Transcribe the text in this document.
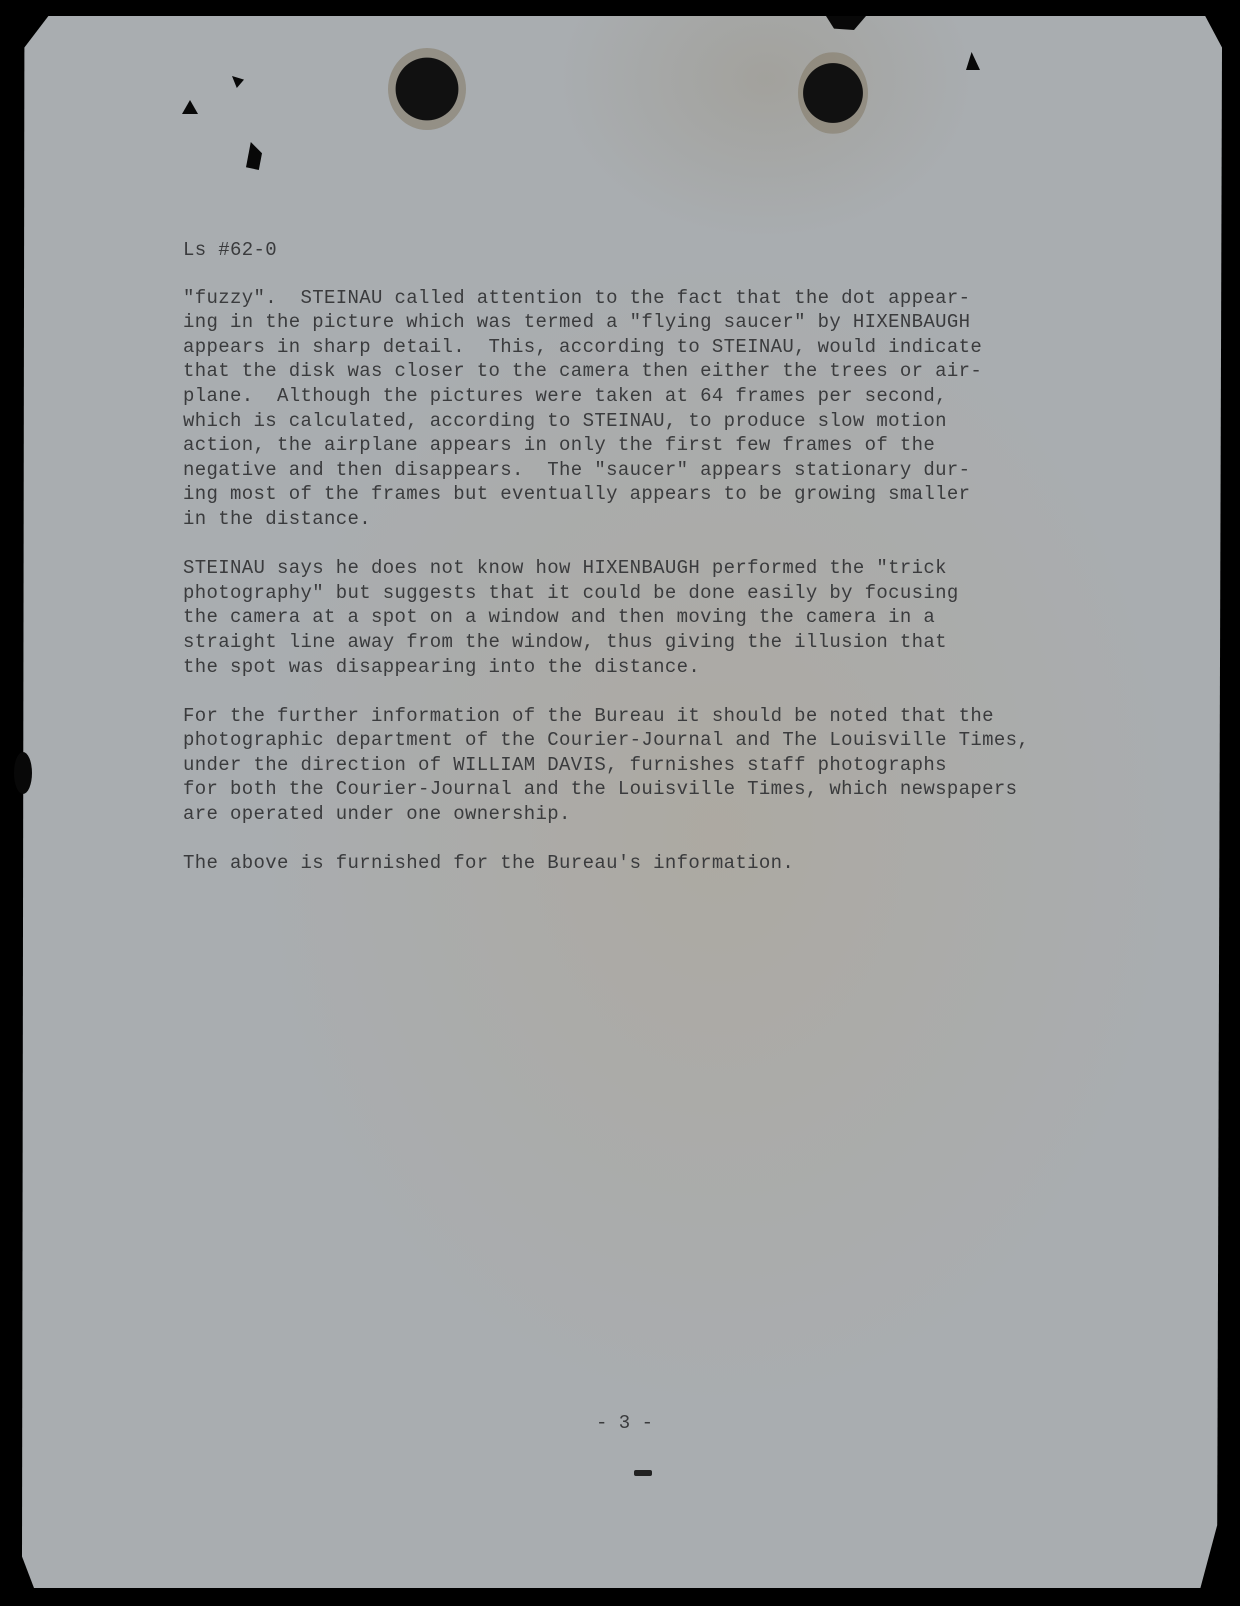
Ls #62-0
"fuzzy".  STEINAU called attention to the fact that the dot appear-
ing in the picture which was termed a "flying saucer" by HIXENBAUGH
appears in sharp detail.  This, according to STEINAU, would indicate
that the disk was closer to the camera then either the trees or air-
plane.  Although the pictures were taken at 64 frames per second,
which is calculated, according to STEINAU, to produce slow motion
action, the airplane appears in only the first few frames of the
negative and then disappears.  The "saucer" appears stationary dur-
ing most of the frames but eventually appears to be growing smaller
in the distance.
STEINAU says he does not know how HIXENBAUGH performed the "trick
photography" but suggests that it could be done easily by focusing
the camera at a spot on a window and then moving the camera in a
straight line away from the window, thus giving the illusion that
the spot was disappearing into the distance.
For the further information of the Bureau it should be noted that the
photographic department of the Courier-Journal and The Louisville Times,
under the direction of WILLIAM DAVIS, furnishes staff photographs
for both the Courier-Journal and the Louisville Times, which newspapers
are operated under one ownership.
The above is furnished for the Bureau's information.
- 3 -
